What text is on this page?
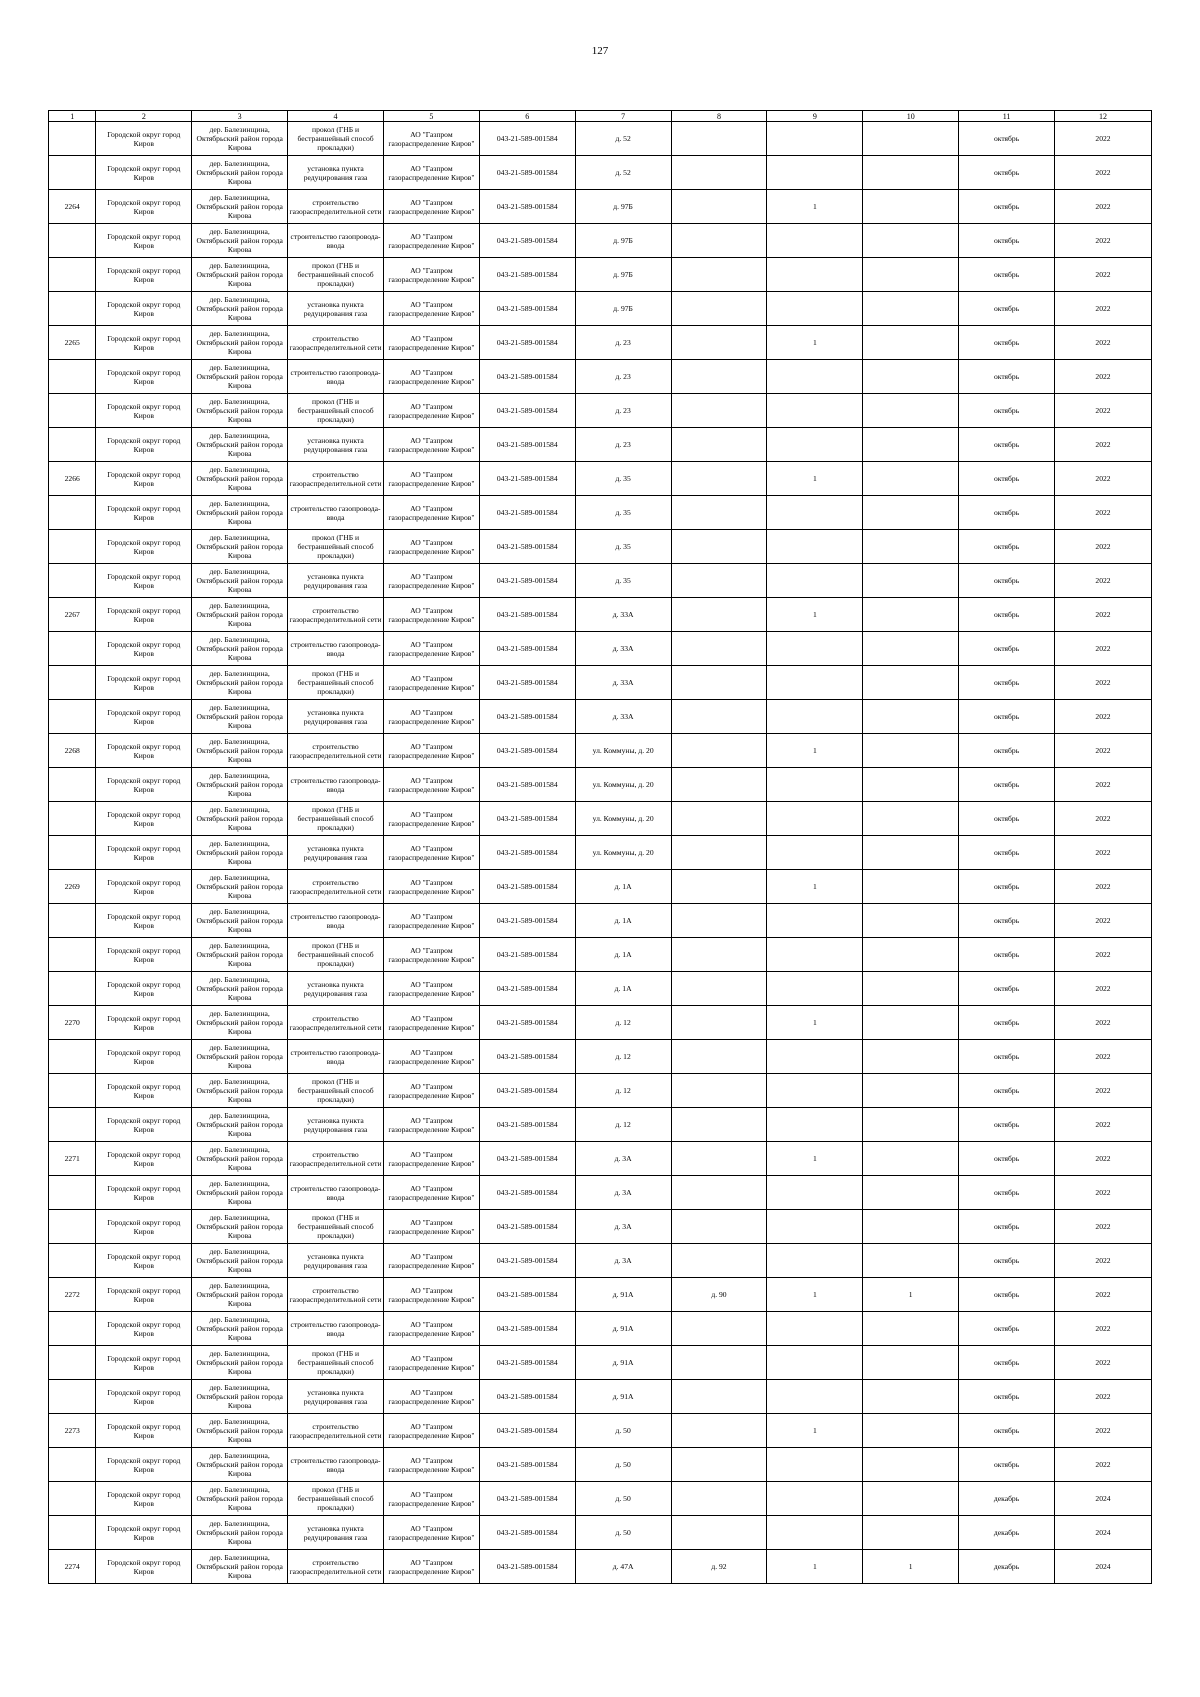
127
1	2	3	4	5	6	7	8	9	10	11	12
	Городской округ город Киров	дер. Балезинщина, Октябрьский район города Кирова	прокол (ГНБ и бестраншейный способ прокладки)	АО "Газпром газораспределение Киров"	043-21-589-001584	д. 52				октябрь	2022
	Городской округ город Киров	дер. Балезинщина, Октябрьский район города Кирова	установка пункта редуцирования газа	АО "Газпром газораспределение Киров"	043-21-589-001584	д. 52				октябрь	2022
2264	Городской округ город Киров	дер. Балезинщина, Октябрьский район города Кирова	строительство газораспределительной сети	АО "Газпром газораспределение Киров"	043-21-589-001584	д. 97Б		1		октябрь	2022
	Городской округ город Киров	дер. Балезинщина, Октябрьский район города Кирова	строительство газопровода-ввода	АО "Газпром газораспределение Киров"	043-21-589-001584	д. 97Б				октябрь	2022
	Городской округ город Киров	дер. Балезинщина, Октябрьский район города Кирова	прокол (ГНБ и бестраншейный способ прокладки)	АО "Газпром газораспределение Киров"	043-21-589-001584	д. 97Б				октябрь	2022
	Городской округ город Киров	дер. Балезинщина, Октябрьский район города Кирова	установка пункта редуцирования газа	АО "Газпром газораспределение Киров"	043-21-589-001584	д. 97Б				октябрь	2022
2265	Городской округ город Киров	дер. Балезинщина, Октябрьский район города Кирова	строительство газораспределительной сети	АО "Газпром газораспределение Киров"	043-21-589-001584	д. 23		1		октябрь	2022
	Городской округ город Киров	дер. Балезинщина, Октябрьский район города Кирова	строительство газопровода-ввода	АО "Газпром газораспределение Киров"	043-21-589-001584	д. 23				октябрь	2022
	Городской округ город Киров	дер. Балезинщина, Октябрьский район города Кирова	прокол (ГНБ и бестраншейный способ прокладки)	АО "Газпром газораспределение Киров"	043-21-589-001584	д. 23				октябрь	2022
	Городской округ город Киров	дер. Балезинщина, Октябрьский район города Кирова	установка пункта редуцирования газа	АО "Газпром газораспределение Киров"	043-21-589-001584	д. 23				октябрь	2022
2266	Городской округ город Киров	дер. Балезинщина, Октябрьский район города Кирова	строительство газораспределительной сети	АО "Газпром газораспределение Киров"	043-21-589-001584	д. 35		1		октябрь	2022
	Городской округ город Киров	дер. Балезинщина, Октябрьский район города Кирова	строительство газопровода-ввода	АО "Газпром газораспределение Киров"	043-21-589-001584	д. 35				октябрь	2022
	Городской округ город Киров	дер. Балезинщина, Октябрьский район города Кирова	прокол (ГНБ и бестраншейный способ прокладки)	АО "Газпром газораспределение Киров"	043-21-589-001584	д. 35				октябрь	2022
	Городской округ город Киров	дер. Балезинщина, Октябрьский район города Кирова	установка пункта редуцирования газа	АО "Газпром газораспределение Киров"	043-21-589-001584	д. 35				октябрь	2022
2267	Городской округ город Киров	дер. Балезинщина, Октябрьский район города Кирова	строительство газораспределительной сети	АО "Газпром газораспределение Киров"	043-21-589-001584	д. 33А		1		октябрь	2022
	Городской округ город Киров	дер. Балезинщина, Октябрьский район города Кирова	строительство газопровода-ввода	АО "Газпром газораспределение Киров"	043-21-589-001584	д. 33А				октябрь	2022
	Городской округ город Киров	дер. Балезинщина, Октябрьский район города Кирова	прокол (ГНБ и бестраншейный способ прокладки)	АО "Газпром газораспределение Киров"	043-21-589-001584	д. 33А				октябрь	2022
	Городской округ город Киров	дер. Балезинщина, Октябрьский район города Кирова	установка пункта редуцирования газа	АО "Газпром газораспределение Киров"	043-21-589-001584	д. 33А				октябрь	2022
2268	Городской округ город Киров	дер. Балезинщина, Октябрьский район города Кирова	строительство газораспределительной сети	АО "Газпром газораспределение Киров"	043-21-589-001584	ул. Коммуны, д. 20		1		октябрь	2022
	Городской округ город Киров	дер. Балезинщина, Октябрьский район города Кирова	строительство газопровода-ввода	АО "Газпром газораспределение Киров"	043-21-589-001584	ул. Коммуны, д. 20				октябрь	2022
	Городской округ город Киров	дер. Балезинщина, Октябрьский район города Кирова	прокол (ГНБ и бестраншейный способ прокладки)	АО "Газпром газораспределение Киров"	043-21-589-001584	ул. Коммуны, д. 20				октябрь	2022
	Городской округ город Киров	дер. Балезинщина, Октябрьский район города Кирова	установка пункта редуцирования газа	АО "Газпром газораспределение Киров"	043-21-589-001584	ул. Коммуны, д. 20				октябрь	2022
2269	Городской округ город Киров	дер. Балезинщина, Октябрьский район города Кирова	строительство газораспределительной сети	АО "Газпром газораспределение Киров"	043-21-589-001584	д. 1А		1		октябрь	2022
	Городской округ город Киров	дер. Балезинщина, Октябрьский район города Кирова	строительство газопровода-ввода	АО "Газпром газораспределение Киров"	043-21-589-001584	д. 1А				октябрь	2022
	Городской округ город Киров	дер. Балезинщина, Октябрьский район города Кирова	прокол (ГНБ и бестраншейный способ прокладки)	АО "Газпром газораспределение Киров"	043-21-589-001584	д. 1А				октябрь	2022
	Городской округ город Киров	дер. Балезинщина, Октябрьский район города Кирова	установка пункта редуцирования газа	АО "Газпром газораспределение Киров"	043-21-589-001584	д. 1А				октябрь	2022
2270	Городской округ город Киров	дер. Балезинщина, Октябрьский район города Кирова	строительство газораспределительной сети	АО "Газпром газораспределение Киров"	043-21-589-001584	д. 12		1		октябрь	2022
	Городской округ город Киров	дер. Балезинщина, Октябрьский район города Кирова	строительство газопровода-ввода	АО "Газпром газораспределение Киров"	043-21-589-001584	д. 12				октябрь	2022
	Городской округ город Киров	дер. Балезинщина, Октябрьский район города Кирова	прокол (ГНБ и бестраншейный способ прокладки)	АО "Газпром газораспределение Киров"	043-21-589-001584	д. 12				октябрь	2022
	Городской округ город Киров	дер. Балезинщина, Октябрьский район города Кирова	установка пункта редуцирования газа	АО "Газпром газораспределение Киров"	043-21-589-001584	д. 12				октябрь	2022
2271	Городской округ город Киров	дер. Балезинщина, Октябрьский район города Кирова	строительство газораспределительной сети	АО "Газпром газораспределение Киров"	043-21-589-001584	д. 3А		1		октябрь	2022
	Городской округ город Киров	дер. Балезинщина, Октябрьский район города Кирова	строительство газопровода-ввода	АО "Газпром газораспределение Киров"	043-21-589-001584	д. 3А				октябрь	2022
	Городской округ город Киров	дер. Балезинщина, Октябрьский район города Кирова	прокол (ГНБ и бестраншейный способ прокладки)	АО "Газпром газораспределение Киров"	043-21-589-001584	д. 3А				октябрь	2022
	Городской округ город Киров	дер. Балезинщина, Октябрьский район города Кирова	установка пункта редуцирования газа	АО "Газпром газораспределение Киров"	043-21-589-001584	д. 3А				октябрь	2022
2272	Городской округ город Киров	дер. Балезинщина, Октябрьский район города Кирова	строительство газораспределительной сети	АО "Газпром газораспределение Киров"	043-21-589-001584	д. 91А	д. 90	1	1	октябрь	2022
	Городской округ город Киров	дер. Балезинщина, Октябрьский район города Кирова	строительство газопровода-ввода	АО "Газпром газораспределение Киров"	043-21-589-001584	д. 91А				октябрь	2022
	Городской округ город Киров	дер. Балезинщина, Октябрьский район города Кирова	прокол (ГНБ и бестраншейный способ прокладки)	АО "Газпром газораспределение Киров"	043-21-589-001584	д. 91А				октябрь	2022
	Городской округ город Киров	дер. Балезинщина, Октябрьский район города Кирова	установка пункта редуцирования газа	АО "Газпром газораспределение Киров"	043-21-589-001584	д. 91А				октябрь	2022
2273	Городской округ город Киров	дер. Балезинщина, Октябрьский район города Кирова	строительство газораспределительной сети	АО "Газпром газораспределение Киров"	043-21-589-001584	д. 50		1		октябрь	2022
	Городской округ город Киров	дер. Балезинщина, Октябрьский район города Кирова	строительство газопровода-ввода	АО "Газпром газораспределение Киров"	043-21-589-001584	д. 50				октябрь	2022
	Городской округ город Киров	дер. Балезинщина, Октябрьский район города Кирова	прокол (ГНБ и бестраншейный способ прокладки)	АО "Газпром газораспределение Киров"	043-21-589-001584	д. 50				декабрь	2024
	Городской округ город Киров	дер. Балезинщина, Октябрьский район города Кирова	установка пункта редуцирования газа	АО "Газпром газораспределение Киров"	043-21-589-001584	д. 50				декабрь	2024
2274	Городской округ город Киров	дер. Балезинщина, Октябрьский район города Кирова	строительство газораспределительной сети	АО "Газпром газораспределение Киров"	043-21-589-001584	д. 47А	д. 92	1	1	декабрь	2024
